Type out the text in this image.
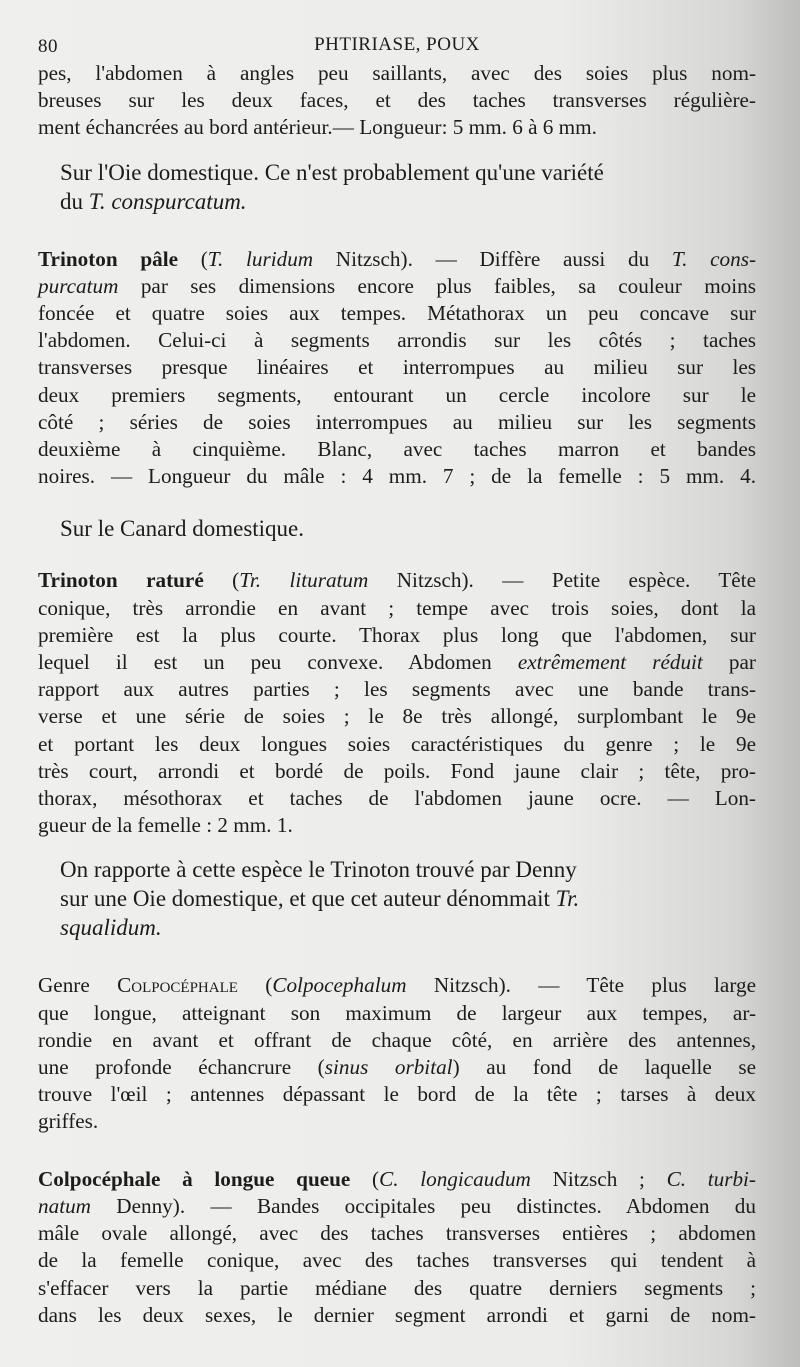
80	PHTIRIASE, POUX

pes, l'abdomen à angles peu saillants, avec des soies plus nom-
breuses sur les deux faces, et des taches transverses régulière-
ment échancrées au bord antérieur.— Longueur: 5 mm. 6 à 6 mm.

Sur l'Oie domestique. Ce n'est probablement qu'une variété
du T. conspurcatum.

Trinoton pâle (T. luridum Nitzsch). — Diffère aussi du T. cons-
purcatum par ses dimensions encore plus faibles, sa couleur moins
foncée et quatre soies aux tempes. Métathorax un peu concave sur
l'abdomen. Celui-ci à segments arrondis sur les côtés ; taches
transverses presque linéaires et interrompues au milieu sur les
deux premiers segments, entourant un cercle incolore sur le
côté ; séries de soies interrompues au milieu sur les segments
deuxième à cinquième. Blanc, avec taches marron et bandes
noires. — Longueur du mâle : 4 mm. 7 ; de la femelle : 5 mm. 4.

Sur le Canard domestique.

Trinoton raturé (Tr. lituratum Nitzsch). — Petite espèce. Tête
conique, très arrondie en avant ; tempe avec trois soies, dont la
première est la plus courte. Thorax plus long que l'abdomen, sur
lequel il est un peu convexe. Abdomen extrêmement réduit par
rapport aux autres parties ; les segments avec une bande trans-
verse et une série de soies ; le 8e très allongé, surplombant le 9e
et portant les deux longues soies caractéristiques du genre ; le 9e
très court, arrondi et bordé de poils. Fond jaune clair ; tête, pro-
thorax, mésothorax et taches de l'abdomen jaune ocre. — Lon-
gueur de la femelle : 2 mm. 1.

On rapporte à cette espèce le Trinoton trouvé par Denny
sur une Oie domestique, et que cet auteur dénommait Tr.
squalidum.

Genre Colpocéphale (Colpocephalum Nitzsch). — Tête plus large
que longue, atteignant son maximum de largeur aux tempes, ar-
rondie en avant et offrant de chaque côté, en arrière des antennes,
une profonde échancrure (sinus orbital) au fond de laquelle se
trouve l'œil ; antennes dépassant le bord de la tête ; tarses à deux
griffes.

Colpocéphale à longue queue (C. longicaudum Nitzsch ; C. turbi-
natum Denny). — Bandes occipitales peu distinctes. Abdomen du
mâle ovale allongé, avec des taches transverses entières ; abdomen
de la femelle conique, avec des taches transverses qui tendent à
s'effacer vers la partie médiane des quatre derniers segments ;
dans les deux sexes, le dernier segment arrondi et garni de nom-
